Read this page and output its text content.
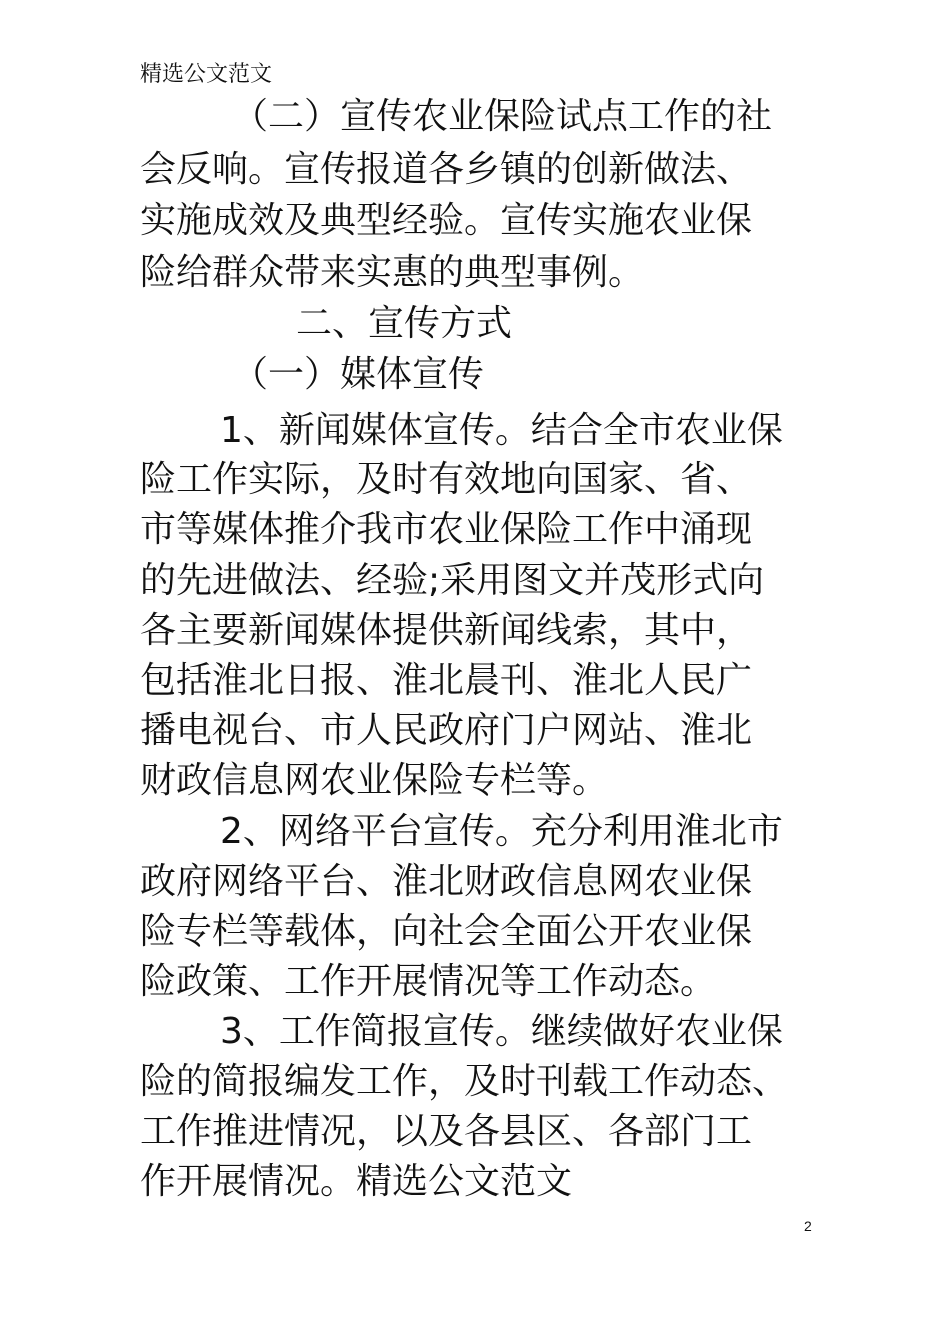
精选公文范文
（二）宣传农业保险试点工作的社
会反响。宣传报道各乡镇的创新做法、
实施成效及典型经验。宣传实施农业保
险给群众带来实惠的典型事例。
二、宣传方式
（一）媒体宣传
1、新闻媒体宣传。结合全市农业保
险工作实际，及时有效地向国家、省、
市等媒体推介我市农业保险工作中涌现
的先进做法、经验;采用图文并茂形式向
各主要新闻媒体提供新闻线索，其中，
包括淮北日报、淮北晨刊、淮北人民广
播电视台、市人民政府门户网站、淮北
财政信息网农业保险专栏等。
2、网络平台宣传。充分利用淮北市
政府网络平台、淮北财政信息网农业保
险专栏等载体，向社会全面公开农业保
险政策、工作开展情况等工作动态。
3、工作简报宣传。继续做好农业保
险的简报编发工作，及时刊载工作动态、
工作推进情况，以及各县区、各部门工
作开展情况。精选公文范文
2
